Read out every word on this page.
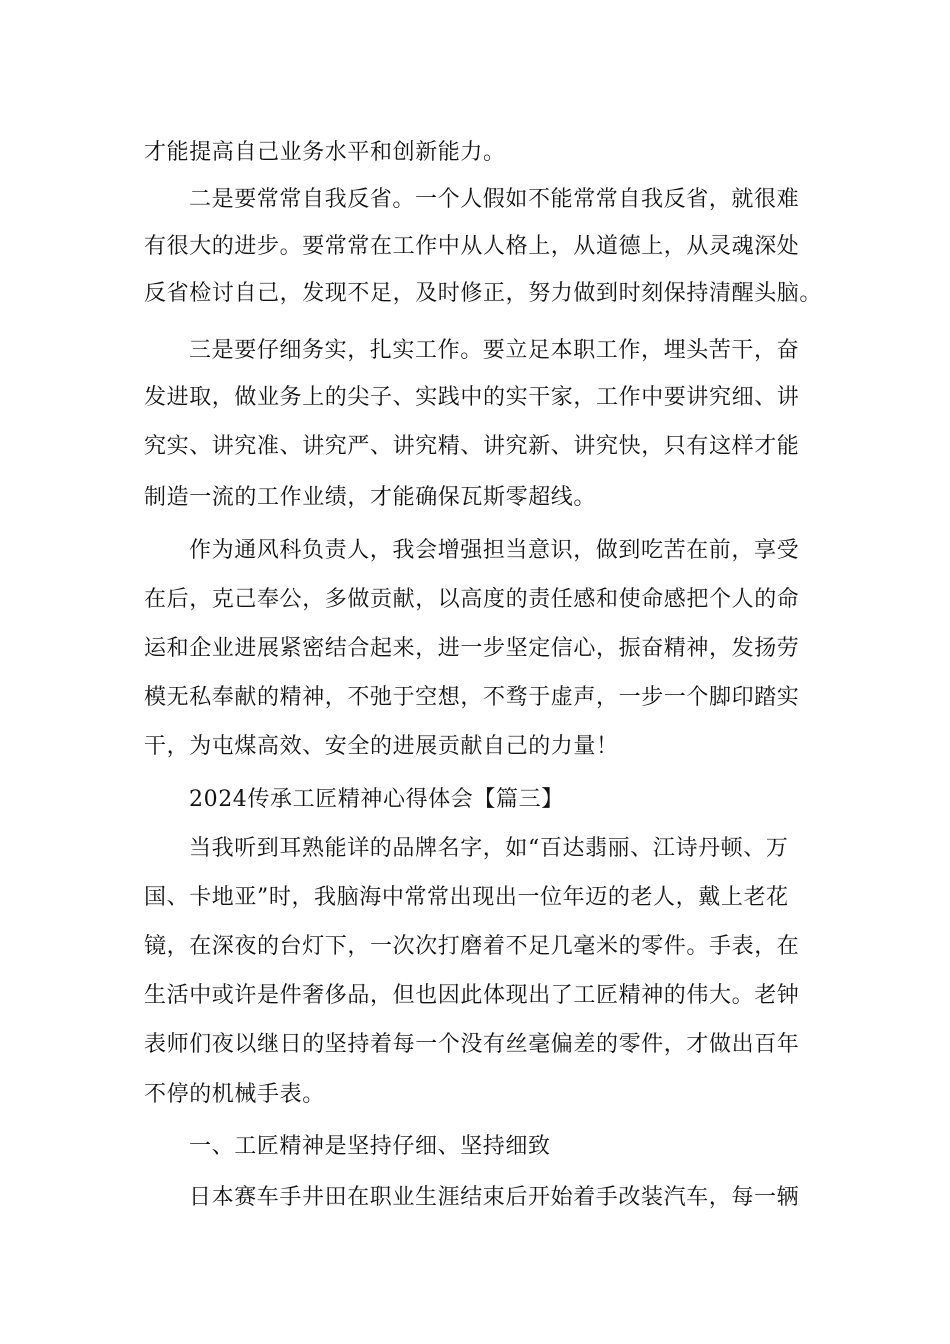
才能提高自己业务水平和创新能力。
二是要常常自我反省。一个人假如不能常常自我反省，就很难
有很大的进步。要常常在工作中从人格上，从道德上，从灵魂深处
反省检讨自己，发现不足，及时修正，努力做到时刻保持清醒头脑。
三是要仔细务实，扎实工作。要立足本职工作，埋头苦干，奋
发进取，做业务上的尖子、实践中的实干家，工作中要讲究细、讲
究实、讲究准、讲究严、讲究精、讲究新、讲究快，只有这样才能
制造一流的工作业绩，才能确保瓦斯零超线。
作为通风科负责人，我会增强担当意识，做到吃苦在前，享受
在后，克己奉公，多做贡献，以高度的责任感和使命感把个人的命
运和企业进展紧密结合起来，进一步坚定信心，振奋精神，发扬劳
模无私奉献的精神，不弛于空想，不骛于虚声，一步一个脚印踏实
干，为屯煤高效、安全的进展贡献自己的力量！
2024传承工匠精神心得体会【篇三】
当我听到耳熟能详的品牌名字，如“百达翡丽、江诗丹顿、万
国、卡地亚”时，我脑海中常常出现出一位年迈的老人，戴上老花
镜，在深夜的台灯下，一次次打磨着不足几毫米的零件。手表，在
生活中或许是件奢侈品，但也因此体现出了工匠精神的伟大。老钟
表师们夜以继日的坚持着每一个没有丝毫偏差的零件，才做出百年
不停的机械手表。
一、工匠精神是坚持仔细、坚持细致
日本赛车手井田在职业生涯结束后开始着手改装汽车，每一辆
